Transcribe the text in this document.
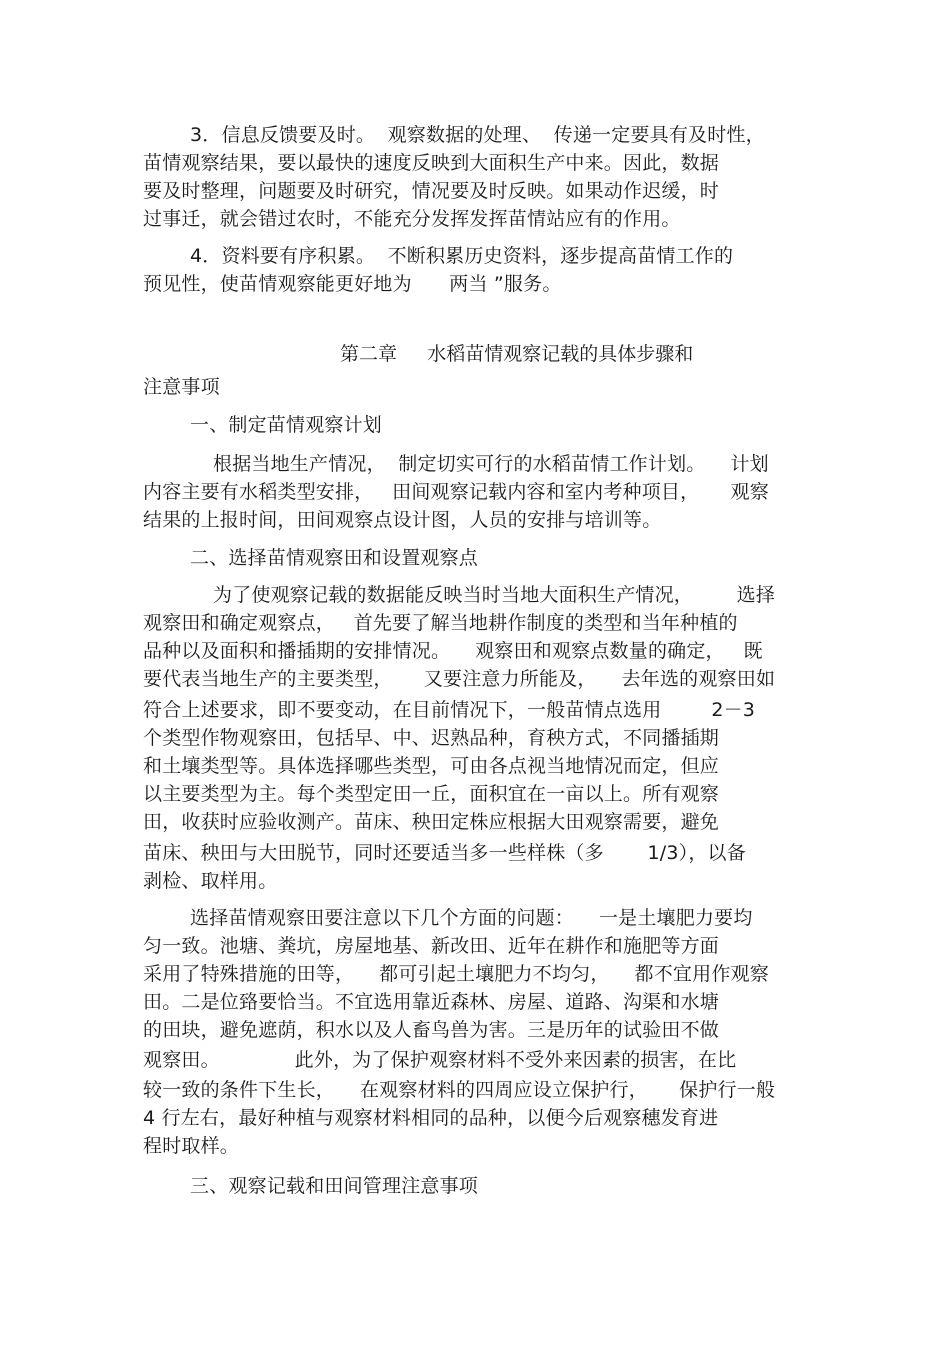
3．信息反馈要及时。  观察数据的处理、  传递一定要具有及时性，
苗情观察结果，要以最快的速度反映到大面积生产中来。因此，数据
要及时整理，问题要及时研究，情况要及时反映。如果动作迟缓，时
过事迁，就会错过农时，不能充分发挥发挥苗情站应有的作用。
4．资料要有序积累。  不断积累历史资料，逐步提高苗情工作的
预见性，使苗情观察能更好地为      两当 ”服务。
第二章     水稻苗情观察记载的具体步骤和
注意事项
一、制定苗情观察计划
根据当地生产情况，  制定切实可行的水稻苗情工作计划。    计划
内容主要有水稻类型安排，   田间观察记载内容和室内考种项目，     观察
结果的上报时间，田间观察点设计图，人员的安排与培训等。
二、选择苗情观察田和设置观察点
为了使观察记载的数据能反映当时当地大面积生产情况，       选择
观察田和确定观察点，   首先要了解当地耕作制度的类型和当年种植的
品种以及面积和播插期的安排情况。    观察田和观察点数量的确定，   既
要代表当地生产的主要类型，     又要注意力所能及，    去年选的观察田如
符合上述要求，即不要变动，在目前情况下，一般苗情点选用        2－3
个类型作物观察田，包括早、中、迟熟品种，育秧方式，不同播插期
和土壤类型等。具体选择哪些类型，可由各点视当地情况而定，但应
以主要类型为主。每个类型定田一丘，面积宜在一亩以上。所有观察
田，收获时应验收测产。苗床、秧田定株应根据大田观察需要，避免
苗床、秧田与大田脱节，同时还要适当多一些样株（多       1/3），以备
剥检、取样用。
选择苗情观察田要注意以下几个方面的问题：    一是土壤肥力要均
匀一致。池塘、粪坑，房屋地基、新改田、近年在耕作和施肥等方面
采用了特殊措施的田等，    都可引起土壤肥力不均匀，    都不宜用作观察
田。二是位臵要恰当。不宜选用靠近森林、房屋、道路、沟渠和水塘
的田块，避免遮荫，积水以及人畜鸟兽为害。三是历年的试验田不做
观察田。            此外，为了保护观察材料不受外来因素的损害，在比
较一致的条件下生长，    在观察材料的四周应设立保护行，     保护行一般
4 行左右，最好种植与观察材料相同的品种，以便今后观察穗发育进
程时取样。
三、观察记载和田间管理注意事项
